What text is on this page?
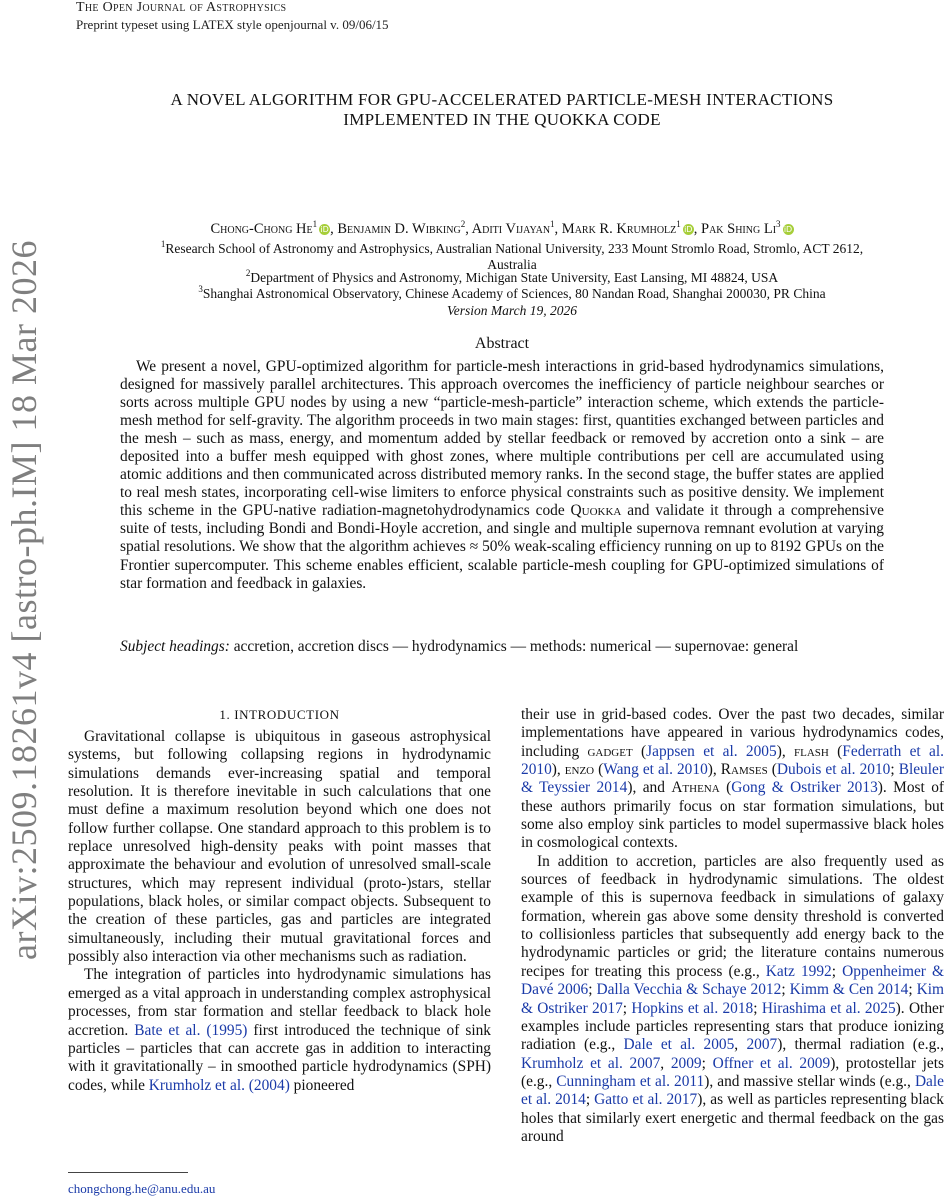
The Open Journal of Astrophysics
Preprint typeset using LATEX style openjournal v. 09/06/15
arXiv:2509.18261v4 [astro-ph.IM] 18 Mar 2026
A NOVEL ALGORITHM FOR GPU-ACCELERATED PARTICLE-MESH INTERACTIONS
IMPLEMENTED IN THE QUOKKA CODE
Chong-Chong He$^1$iD, Benjamin D. Wibking$^2$, Aditi Vijayan$^1$, Mark R. Krumholz$^1$iD, Pak Shing Li$^3$iD
$^1$Research School of Astronomy and Astrophysics, Australian National University, 233 Mount Stromlo Road, Stromlo, ACT 2612,
Australia
$^2$Department of Physics and Astronomy, Michigan State University, East Lansing, MI 48824, USA
$^3$Shanghai Astronomical Observatory, Chinese Academy of Sciences, 80 Nandan Road, Shanghai 200030, PR China
Version March 19, 2026
Abstract
We present a novel, GPU-optimized algorithm for particle-mesh interactions in grid-based hydrodynamics simulations, designed for massively parallel architectures. This approach overcomes the inefficiency of particle neighbour searches or sorts across multiple GPU nodes by using a new “particle-mesh-particle” interaction scheme, which extends the particle-mesh method for self-gravity. The algorithm proceeds in two main stages: first, quantities exchanged between particles and the mesh – such as mass, energy, and momentum added by stellar feedback or removed by accretion onto a sink – are deposited into a buffer mesh equipped with ghost zones, where multiple contributions per cell are accumulated using atomic additions and then communicated across distributed memory ranks. In the second stage, the buffer states are applied to real mesh states, incorporating cell-wise limiters to enforce physical constraints such as positive density. We implement this scheme in the GPU-native radiation-magnetohydrodynamics code Quokka and validate it through a comprehensive suite of tests, including Bondi and Bondi-Hoyle accretion, and single and multiple supernova remnant evolution at varying spatial resolutions. We show that the algorithm achieves ≈ 50% weak-scaling efficiency running on up to 8192 GPUs on the Frontier supercomputer. This scheme enables efficient, scalable particle-mesh coupling for GPU-optimized simulations of star formation and feedback in galaxies.
Subject headings: accretion, accretion discs — hydrodynamics — methods: numerical — supernovae: general
1. INTRODUCTION

Gravitational collapse is ubiquitous in gaseous astrophysical systems, but following collapsing regions in hydrodynamic simulations demands ever-increasing spatial and temporal resolution. It is therefore inevitable in such calculations that one must define a maximum resolution beyond which one does not follow further collapse. One standard approach to this problem is to replace unresolved high-density peaks with point masses that approximate the behaviour and evolution of unresolved small-scale structures, which may represent individual (proto-)stars, stellar populations, black holes, or similar compact objects. Subsequent to the creation of these particles, gas and particles are integrated simultaneously, including their mutual gravitational forces and possibly also interaction via other mechanisms such as radiation.

The integration of particles into hydrodynamic simulations has emerged as a vital approach in understanding complex astrophysical processes, from star formation and stellar feedback to black hole accretion. Bate et al. (1995) first introduced the technique of sink particles – particles that can accrete gas in addition to interacting with it gravitationally – in smoothed particle hydrodynamics (SPH) codes, while Krumholz et al. (2004) pioneered

their use in grid-based codes. Over the past two decades, similar implementations have appeared in various hydrodynamics codes, including gadget (Jappsen et al. 2005), flash (Federrath et al. 2010), enzo (Wang et al. 2010), Ramses (Dubois et al. 2010; Bleuler & Teyssier 2014), and Athena (Gong & Ostriker 2013). Most of these authors primarily focus on star formation simulations, but some also employ sink particles to model supermassive black holes in cosmological contexts.

In addition to accretion, particles are also frequently used as sources of feedback in hydrodynamic simulations. The oldest example of this is supernova feedback in simulations of galaxy formation, wherein gas above some density threshold is converted to collisionless particles that subsequently add energy back to the hydrodynamic particles or grid; the literature contains numerous recipes for treating this process (e.g., Katz 1992; Oppenheimer & Davé 2006; Dalla Vecchia & Schaye 2012; Kimm & Cen 2014; Kim & Ostriker 2017; Hopkins et al. 2018; Hirashima et al. 2025). Other examples include particles representing stars that produce ionizing radiation (e.g., Dale et al. 2005, 2007), thermal radiation (e.g., Krumholz et al. 2007, 2009; Offner et al. 2009), protostellar jets (e.g., Cunningham et al. 2011), and massive stellar winds (e.g., Dale et al. 2014; Gatto et al. 2017), as well as particles representing black holes that similarly exert energetic and thermal feedback on the gas around

chongchong.he@anu.edu.au
